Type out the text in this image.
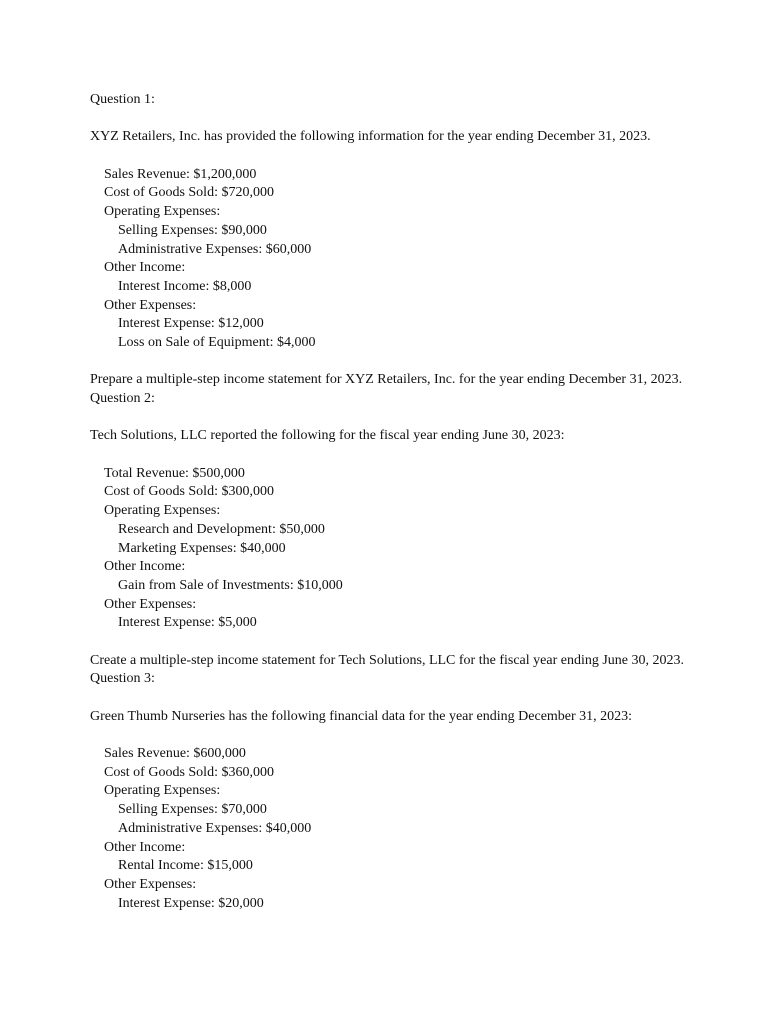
Question 1:
XYZ Retailers, Inc. has provided the following information for the year ending December 31, 2023.
Sales Revenue: $1,200,000
Cost of Goods Sold: $720,000
Operating Expenses:
Selling Expenses: $90,000
Administrative Expenses: $60,000
Other Income:
Interest Income: $8,000
Other Expenses:
Interest Expense: $12,000
Loss on Sale of Equipment: $4,000
Prepare a multiple-step income statement for XYZ Retailers, Inc. for the year ending December 31, 2023.
Question 2:
Tech Solutions, LLC reported the following for the fiscal year ending June 30, 2023:
Total Revenue: $500,000
Cost of Goods Sold: $300,000
Operating Expenses:
Research and Development: $50,000
Marketing Expenses: $40,000
Other Income:
Gain from Sale of Investments: $10,000
Other Expenses:
Interest Expense: $5,000
Create a multiple-step income statement for Tech Solutions, LLC for the fiscal year ending June 30, 2023.
Question 3:
Green Thumb Nurseries has the following financial data for the year ending December 31, 2023:
Sales Revenue: $600,000
Cost of Goods Sold: $360,000
Operating Expenses:
Selling Expenses: $70,000
Administrative Expenses: $40,000
Other Income:
Rental Income: $15,000
Other Expenses:
Interest Expense: $20,000
